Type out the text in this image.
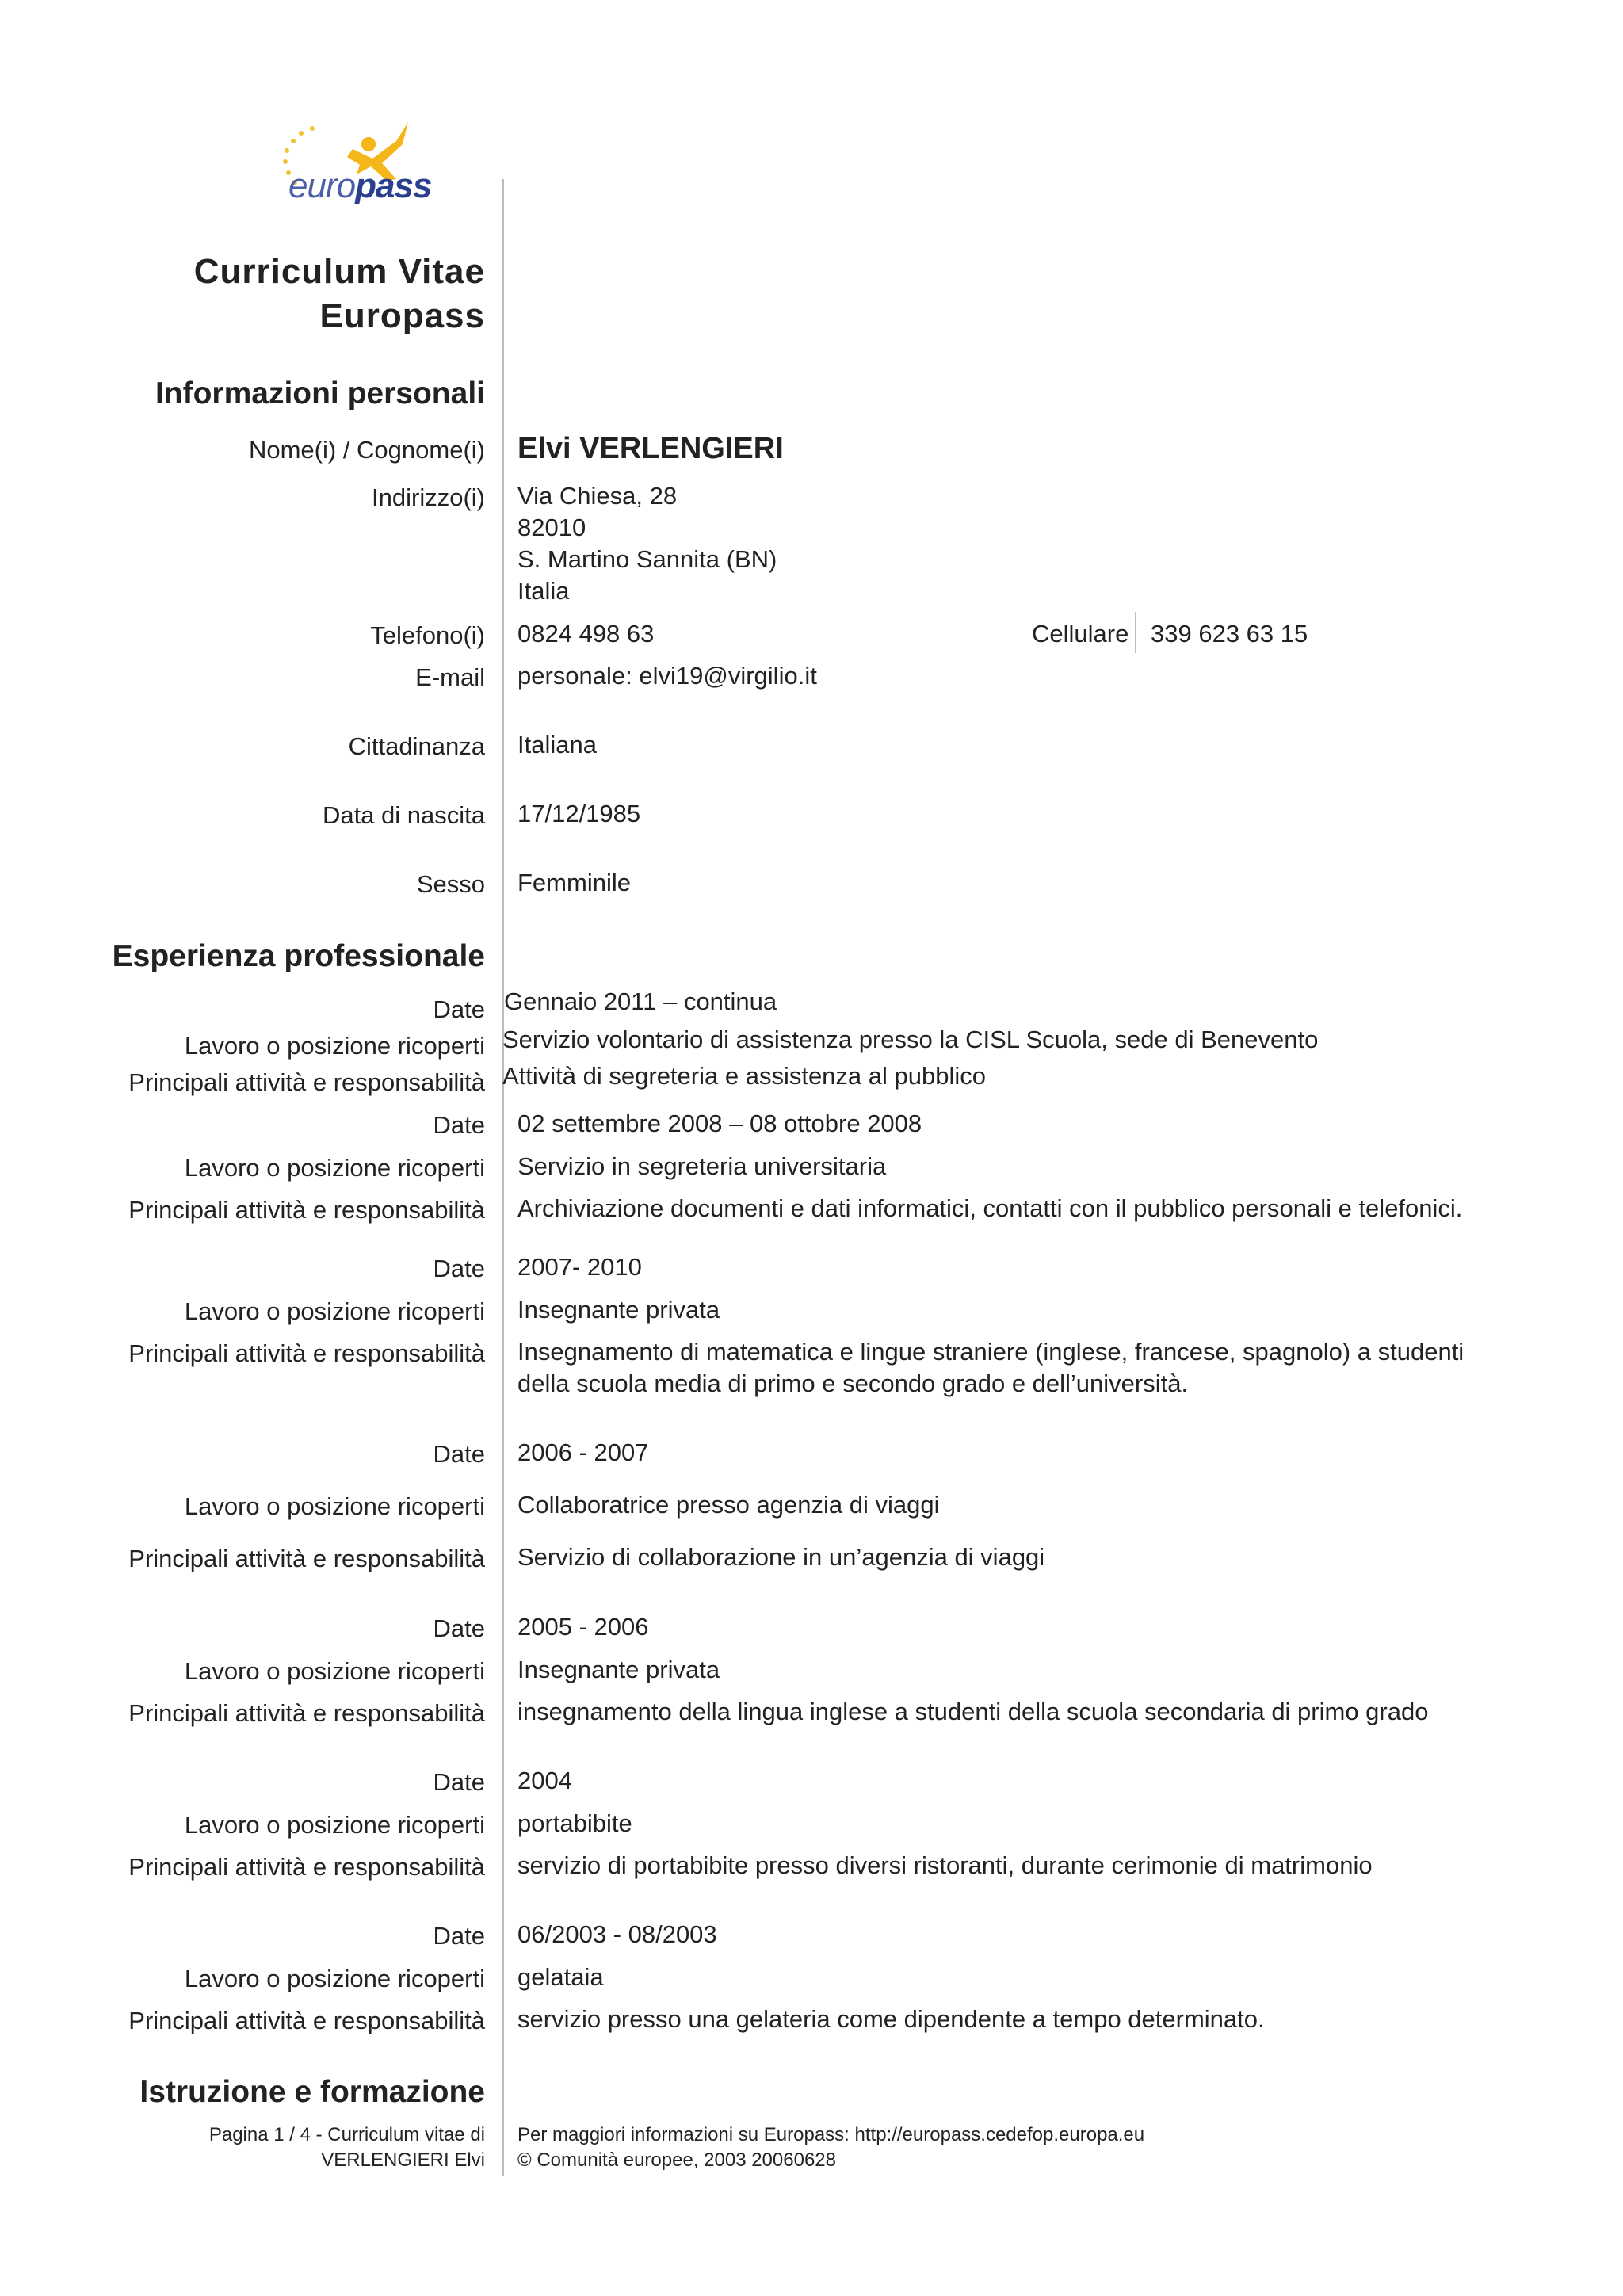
europass
Curriculum Vitae
Europass
Informazioni personali
Nome(i) / Cognome(i) Elvi VERLENGIERI
Indirizzo(i) Via Chiesa, 28
82010
S. Martino Sannita (BN)
Italia
Telefono(i) 0824 498 63	Cellulare 339 623 63 15
E-mail personale: elvi19@virgilio.it
Cittadinanza Italiana
Data di nascita 17/12/1985
Sesso Femminile
Esperienza professionale
Date Gennaio 2011 – continua
Lavoro o posizione ricoperti Servizio volontario di assistenza presso la CISL Scuola, sede di Benevento
Principali attività e responsabilità Attività di segreteria e assistenza al pubblico
Date 02 settembre 2008 – 08 ottobre 2008
Lavoro o posizione ricoperti Servizio in segreteria universitaria
Principali attività e responsabilità Archiviazione documenti e dati informatici, contatti con il pubblico personali e telefonici.
Date 2007- 2010
Lavoro o posizione ricoperti Insegnante privata
Principali attività e responsabilità Insegnamento di matematica e lingue straniere (inglese, francese, spagnolo) a studenti della scuola media di primo e secondo grado e dell’università.
Date 2006 - 2007
Lavoro o posizione ricoperti Collaboratrice presso agenzia di viaggi
Principali attività e responsabilità Servizio di collaborazione in un’agenzia di viaggi
Date 2005 - 2006
Lavoro o posizione ricoperti Insegnante privata
Principali attività e responsabilità insegnamento della lingua inglese a studenti della scuola secondaria di primo grado
Date 2004
Lavoro o posizione ricoperti portabibite
Principali attività e responsabilità servizio di portabibite presso diversi ristoranti, durante cerimonie di matrimonio
Date 06/2003 - 08/2003
Lavoro o posizione ricoperti gelataia
Principali attività e responsabilità servizio presso una gelateria come dipendente a tempo determinato.
Istruzione e formazione
Pagina 1 / 4 - Curriculum vitae di
VERLENGIERI Elvi
Per maggiori informazioni su Europass: http://europass.cedefop.europa.eu
© Comunità europee, 2003 20060628
